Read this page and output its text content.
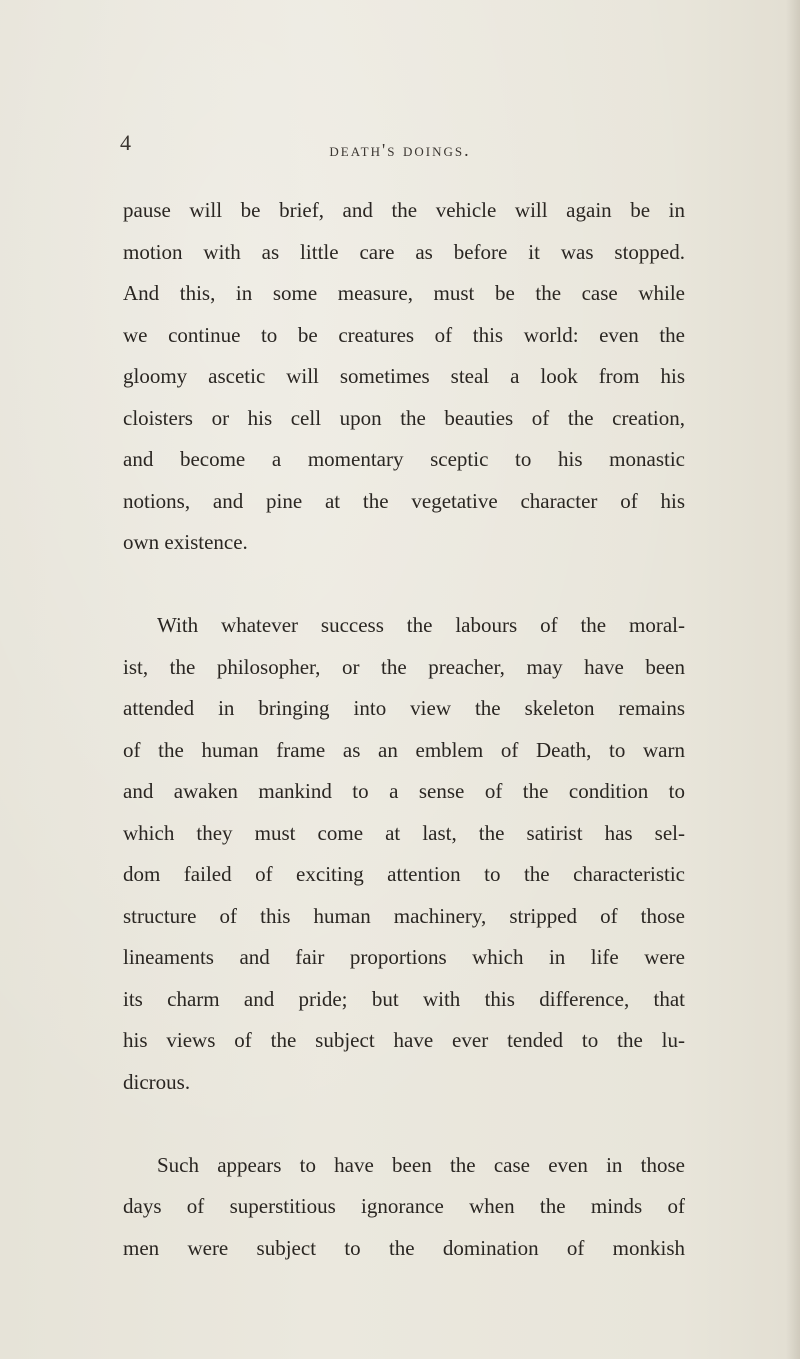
4	death's doings.
pause will be brief, and the vehicle will again be in
motion with as little care as before it was stopped.
And this, in some measure, must be the case while
we continue to be creatures of this world: even the
gloomy ascetic will sometimes steal a look from his
cloisters or his cell upon the beauties of the creation,
and become a momentary sceptic to his monastic
notions, and pine at the vegetative character of his
own existence.
With whatever success the labours of the moral-
ist, the philosopher, or the preacher, may have been
attended in bringing into view the skeleton remains
of the human frame as an emblem of Death, to warn
and awaken mankind to a sense of the condition to
which they must come at last, the satirist has sel-
dom failed of exciting attention to the characteristic
structure of this human machinery, stripped of those
lineaments and fair proportions which in life were
its charm and pride; but with this difference, that
his views of the subject have ever tended to the lu-
dicrous.
Such appears to have been the case even in those
days of superstitious ignorance when the minds of
men were subject to the domination of monkish
